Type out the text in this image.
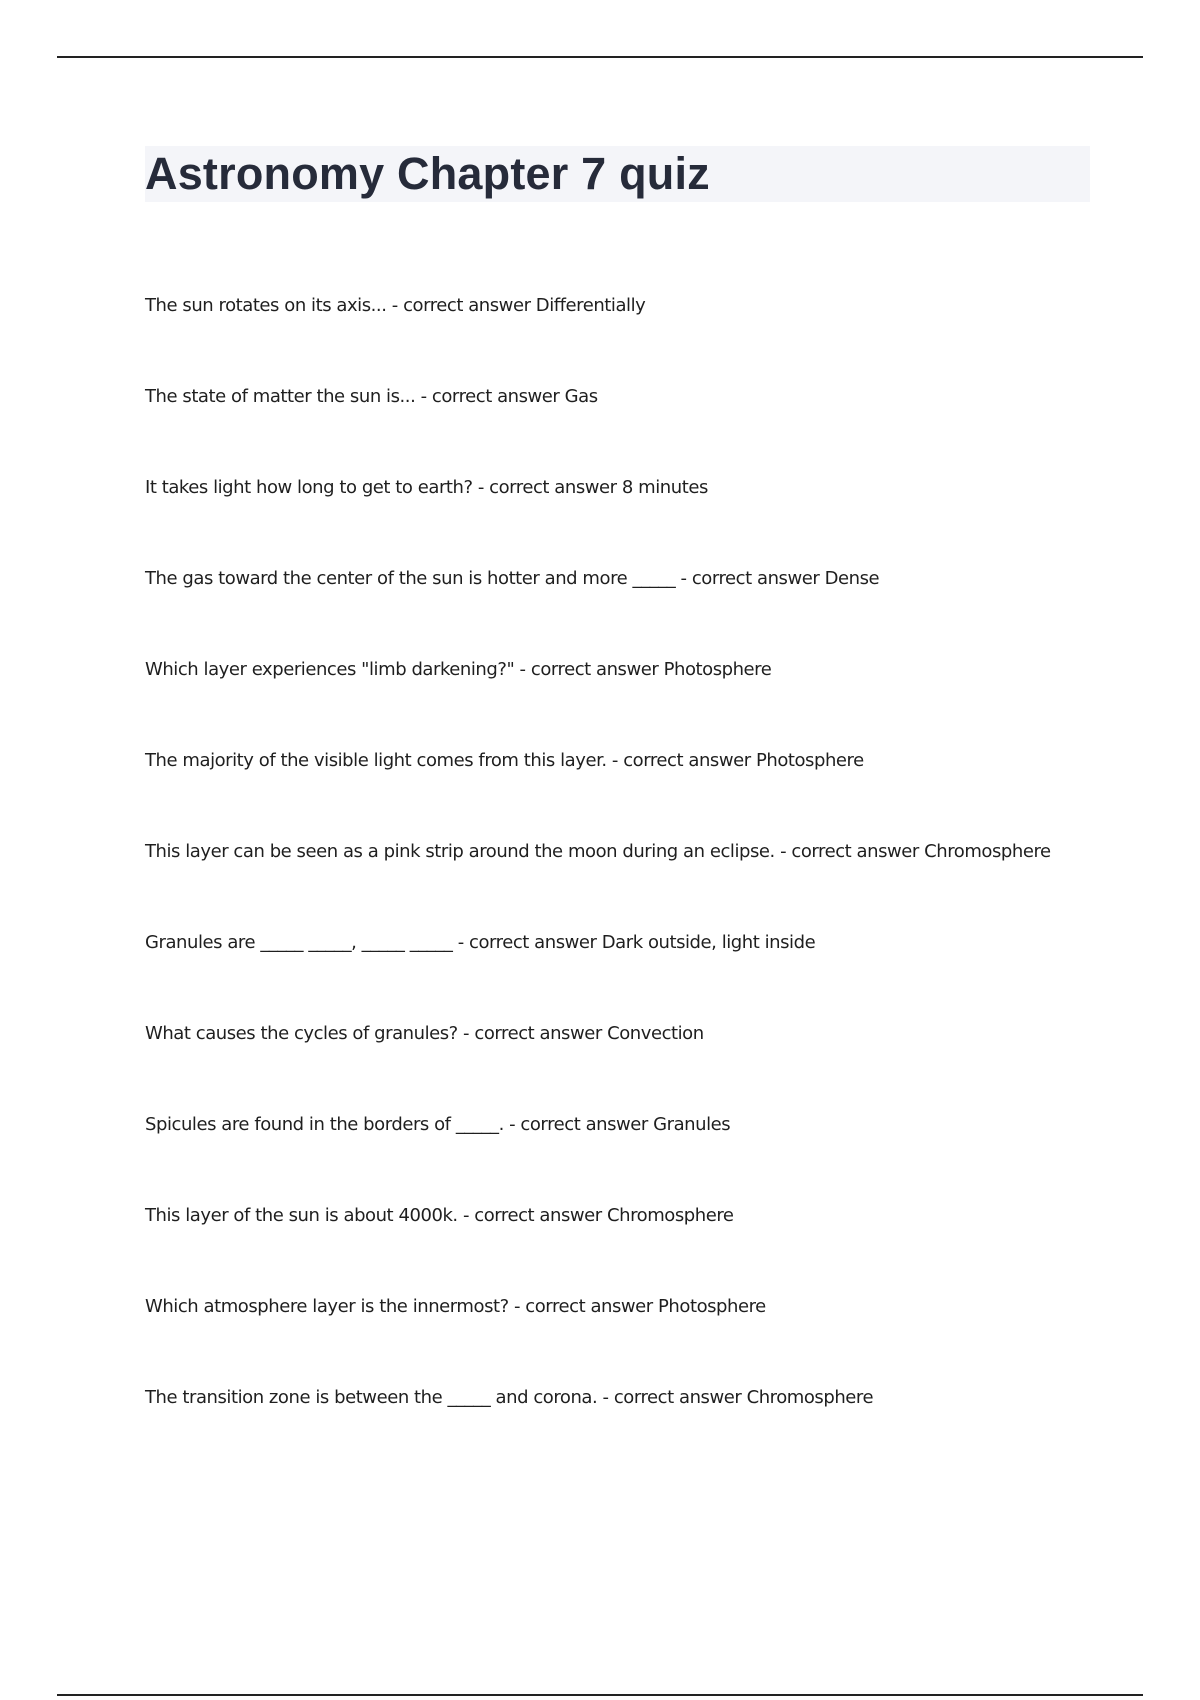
Astronomy Chapter 7 quiz
The sun rotates on its axis... - correct answer Differentially
The state of matter the sun is... - correct answer Gas
It takes light how long to get to earth? - correct answer 8 minutes
The gas toward the center of the sun is hotter and more _____ - correct answer Dense
Which layer experiences "limb darkening?" - correct answer Photosphere
The majority of the visible light comes from this layer. - correct answer Photosphere
This layer can be seen as a pink strip around the moon during an eclipse. - correct answer Chromosphere
Granules are _____ _____, _____ _____ - correct answer Dark outside, light inside
What causes the cycles of granules? - correct answer Convection
Spicules are found in the borders of _____. - correct answer Granules
This layer of the sun is about 4000k. - correct answer Chromosphere
Which atmosphere layer is the innermost? - correct answer Photosphere
The transition zone is between the _____ and corona. - correct answer Chromosphere
